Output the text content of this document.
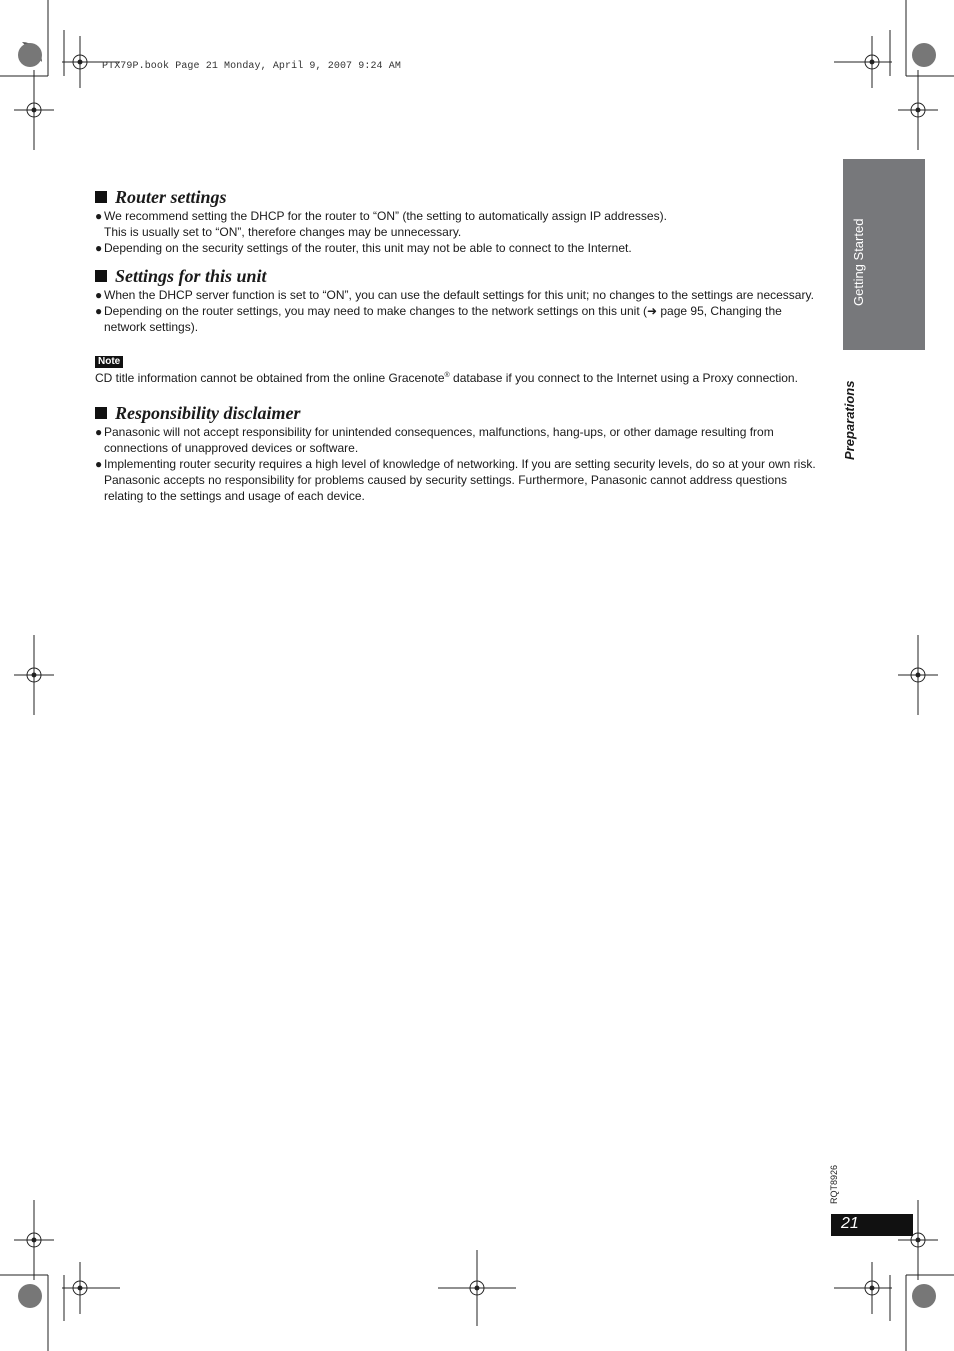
PTX79P.book Page 21 Monday, April 9, 2007 9:24 AM
Getting Started
Preparations
Router settings
● We recommend setting the DHCP for the router to “ON” (the setting to automatically assign IP addresses).
This is usually set to “ON”, therefore changes may be unnecessary.
● Depending on the security settings of the router, this unit may not be able to connect to the Internet.
Settings for this unit
● When the DHCP server function is set to “ON”, you can use the default settings for this unit; no changes to the settings are necessary.
● Depending on the router settings, you may need to make changes to the network settings on this unit (➜ page 95, Changing the network settings).
Note
CD title information cannot be obtained from the online Gracenote® database if you connect to the Internet using a Proxy connection.
Responsibility disclaimer
● Panasonic will not accept responsibility for unintended consequences, malfunctions, hang-ups, or other damage resulting from connections of unapproved devices or software.
● Implementing router security requires a high level of knowledge of networking. If you are setting security levels, do so at your own risk. Panasonic accepts no responsibility for problems caused by security settings. Furthermore, Panasonic cannot address questions relating to the settings and usage of each device.
RQT8926
21
